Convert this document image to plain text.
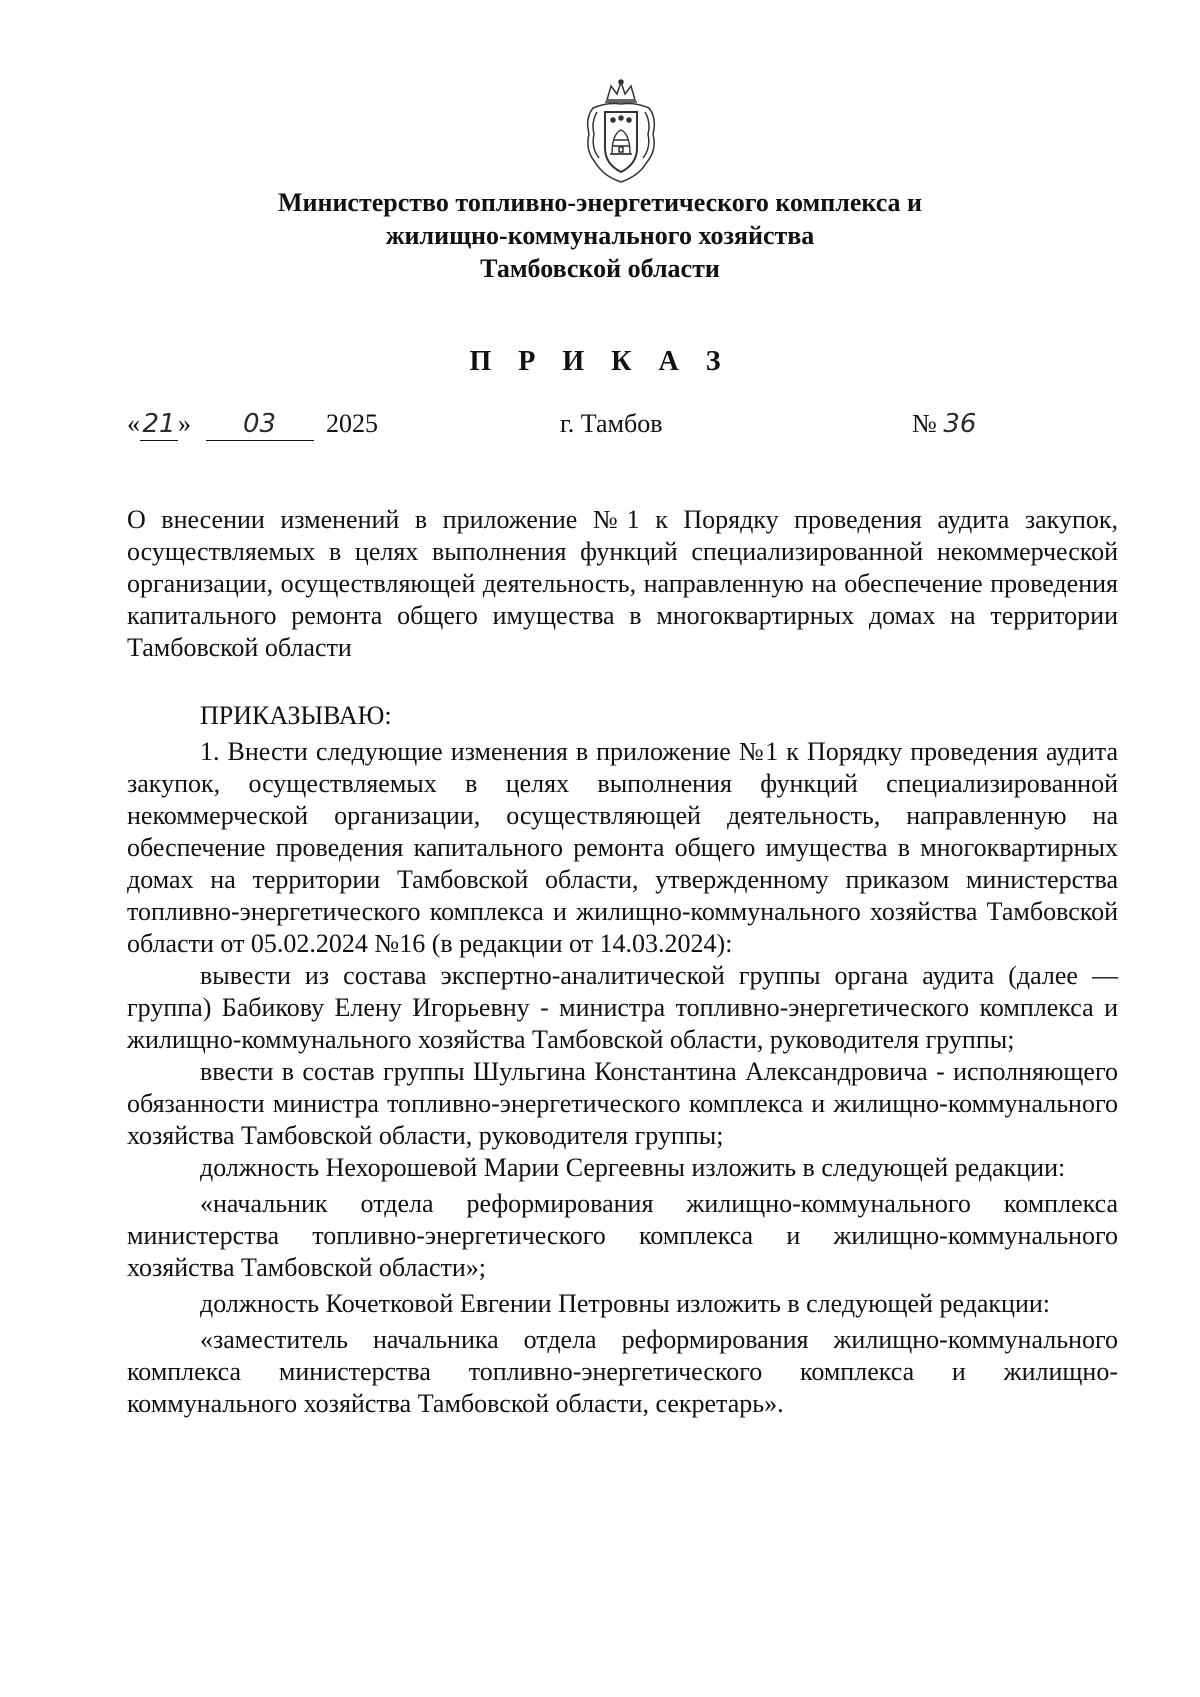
Министерство топливно-энергетического комплекса и
жилищно-коммунального хозяйства
Тамбовской области
П Р И К А З
«21» 03 2025	г. Тамбов	№ 36
О внесении изменений в приложение №1 к Порядку проведения аудита закупок, осуществляемых в целях выполнения функций специализированной некоммерческой организации, осуществляющей деятельность, направленную на обеспечение проведения капитального ремонта общего имущества в многоквартирных домах на территории Тамбовской области

ПРИКАЗЫВАЮ:

1. Внести следующие изменения в приложение №1 к Порядку проведения аудита закупок, осуществляемых в целях выполнения функций специализированной некоммерческой организации, осуществляющей деятельность, направленную на обеспечение проведения капитального ремонта общего имущества в многоквартирных домах на территории Тамбовской области, утвержденному приказом министерства топливно-энергетического комплекса и жилищно-коммунального хозяйства Тамбовской области от 05.02.2024 №16 (в редакции от 14.03.2024):

вывести из состава экспертно-аналитической группы органа аудита (далее — группа) Бабикову Елену Игорьевну - министра топливно-энергетического комплекса и жилищно-коммунального хозяйства Тамбовской области, руководителя группы;

ввести в состав группы Шульгина Константина Александровича - исполняющего обязанности министра топливно-энергетического комплекса и жилищно-коммунального хозяйства Тамбовской области, руководителя группы;

должность Нехорошевой Марии Сергеевны изложить в следующей редакции:

«начальник отдела реформирования жилищно-коммунального комплекса министерства топливно-энергетического комплекса и жилищно-коммунального хозяйства Тамбовской области»;

должность Кочетковой Евгении Петровны изложить в следующей редакции:

«заместитель начальника отдела реформирования жилищно-коммунального комплекса министерства топливно-энергетического комплекса и жилищно-коммунального хозяйства Тамбовской области, секретарь».
